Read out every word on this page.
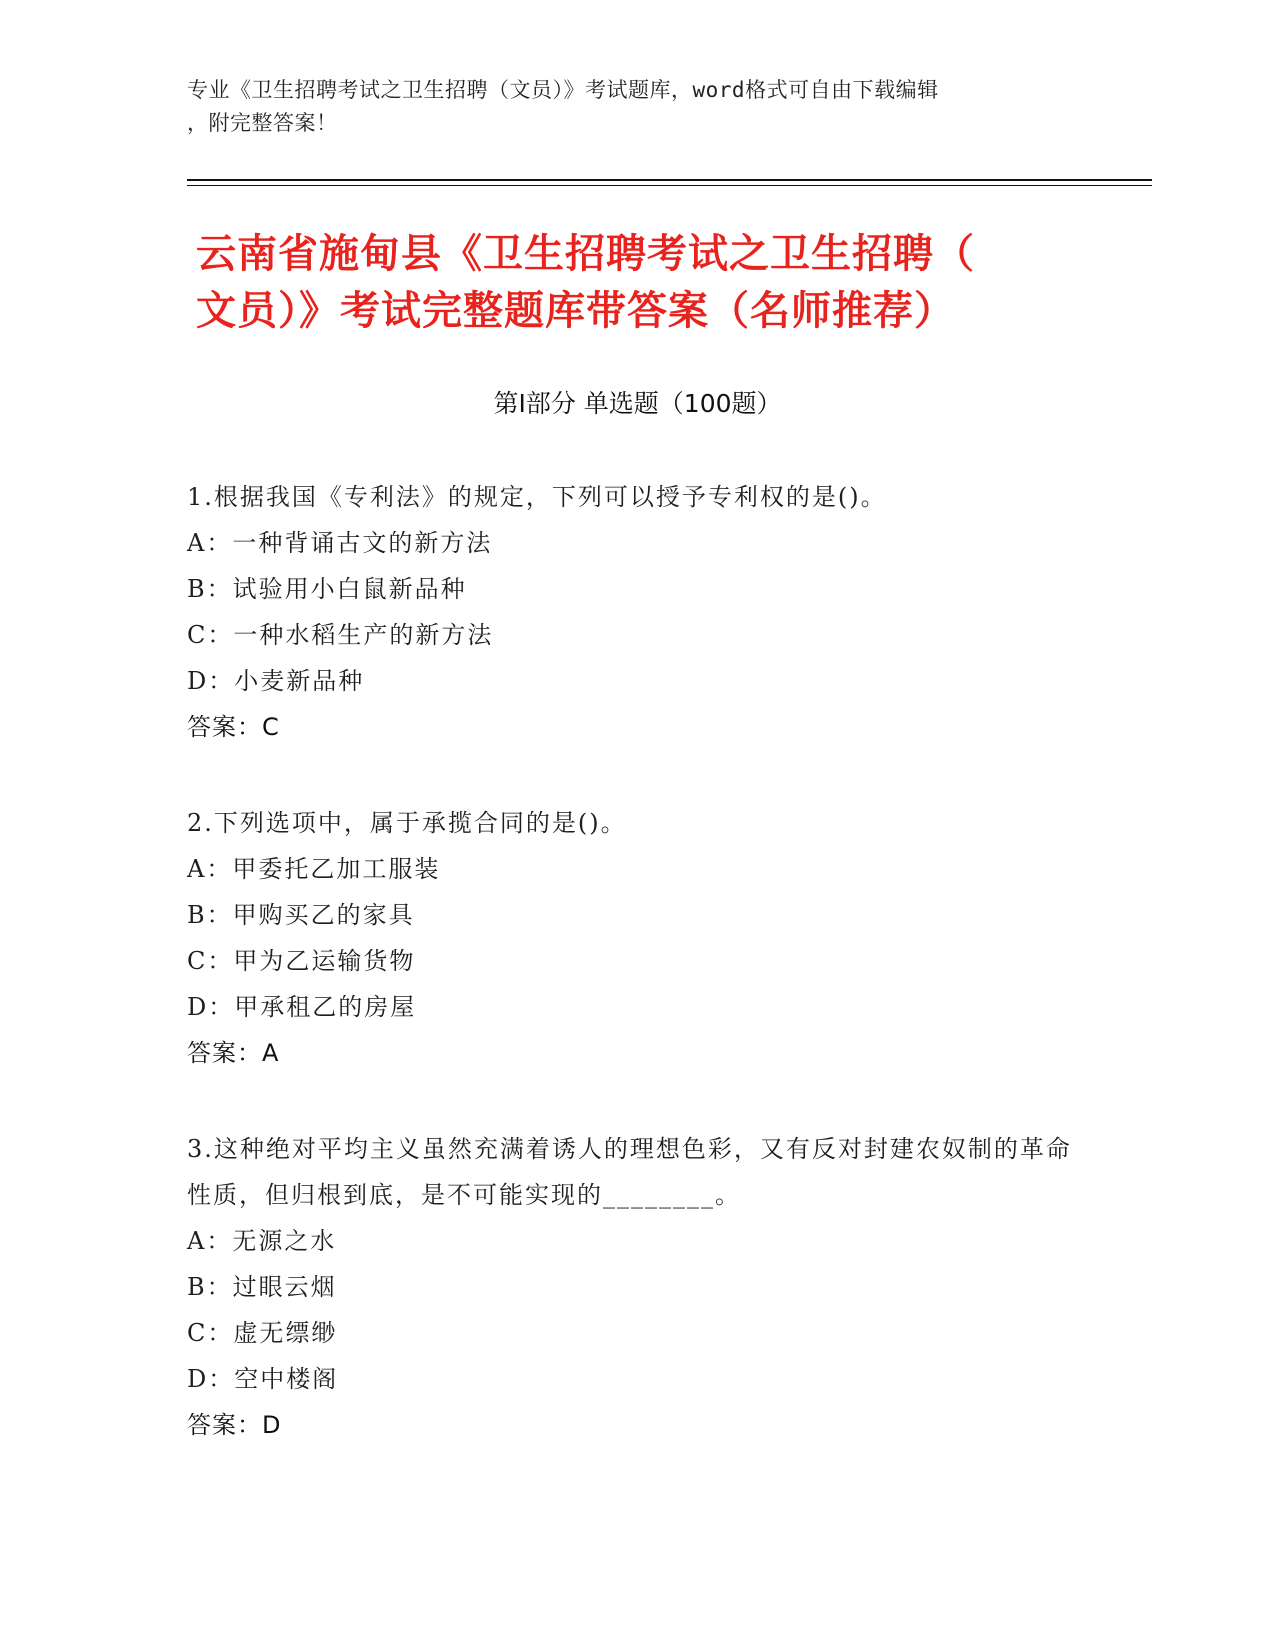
专业《卫生招聘考试之卫生招聘（文员）》考试题库，word格式可自由下载编辑
，附完整答案！
云南省施甸县《卫生招聘考试之卫生招聘（
文员）》考试完整题库带答案（名师推荐）
第Ⅰ部分 单选题（100题）
1.根据我国《专利法》的规定，下列可以授予专利权的是()。
A：一种背诵古文的新方法
B：试验用小白鼠新品种
C：一种水稻生产的新方法
D：小麦新品种
答案：C
2.下列选项中，属于承揽合同的是()。
A：甲委托乙加工服装
B：甲购买乙的家具
C：甲为乙运输货物
D：甲承租乙的房屋
答案：A
3.这种绝对平均主义虽然充满着诱人的理想色彩，又有反对封建农奴制的革命性质，但归根到底，是不可能实现的________。
A：无源之水
B：过眼云烟
C：虚无缥缈
D：空中楼阁
答案：D
